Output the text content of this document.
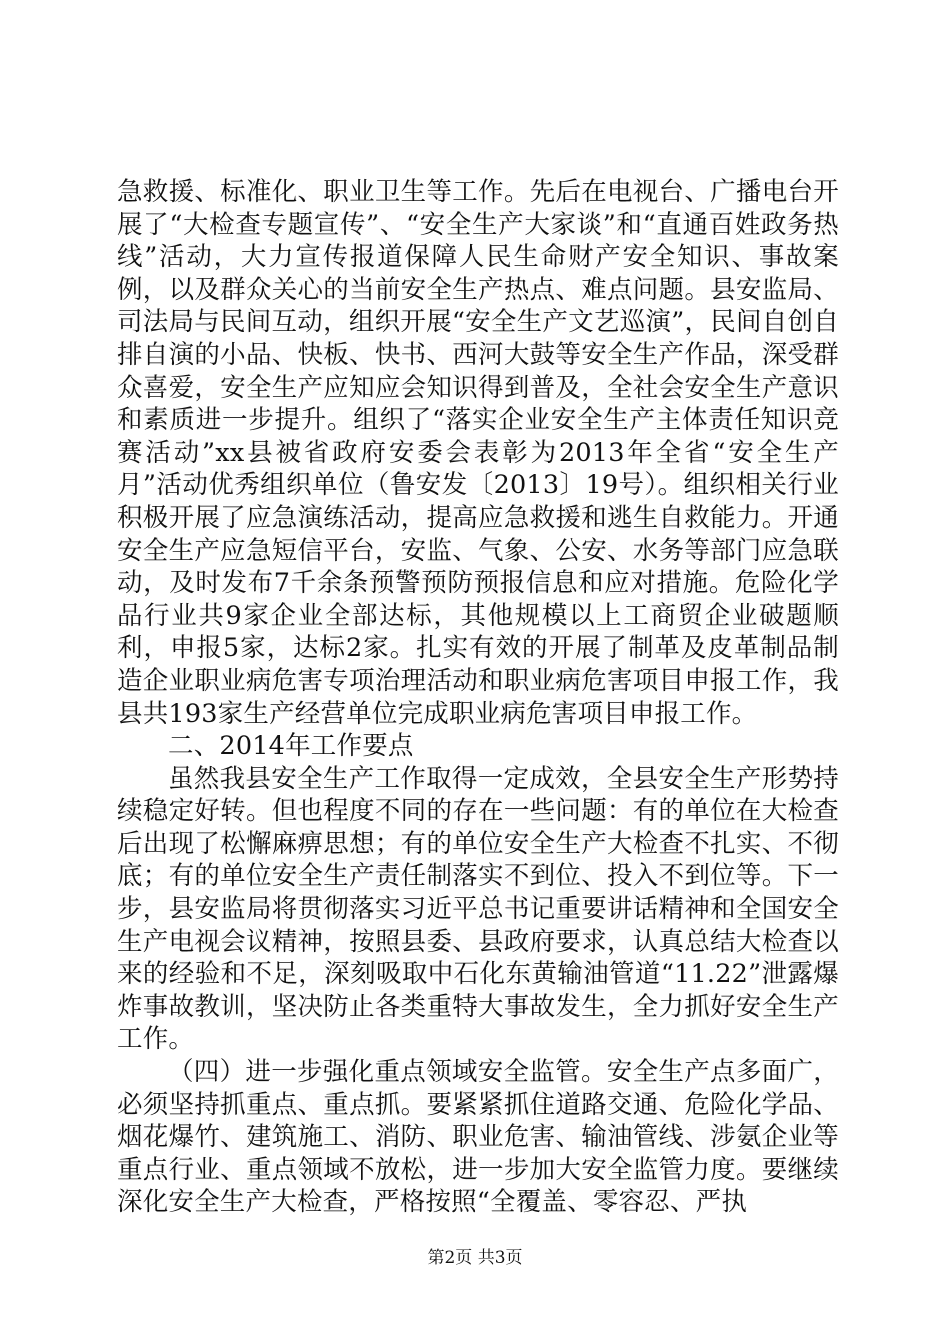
急救援、标准化、职业卫生等工作。先后在电视台、广播电台开展了“大检查专题宣传”、“安全生产大家谈”和“直通百姓政务热线”活动，大力宣传报道保障人民生命财产安全知识、事故案例，以及群众关心的当前安全生产热点、难点问题。县安监局、司法局与民间互动，组织开展“安全生产文艺巡演”，民间自创自排自演的小品、快板、快书、西河大鼓等安全生产作品，深受群众喜爱，安全生产应知应会知识得到普及，全社会安全生产意识和素质进一步提升。组织了“落实企业安全生产主体责任知识竞赛活动”xx县被省政府安委会表彰为2013年全省“安全生产月”活动优秀组织单位（鲁安发〔2013〕19号）。组织相关行业积极开展了应急演练活动，提高应急救援和逃生自救能力。开通安全生产应急短信平台，安监、气象、公安、水务等部门应急联动，及时发布7千余条预警预防预报信息和应对措施。危险化学品行业共9家企业全部达标，其他规模以上工商贸企业破题顺利，申报5家，达标2家。扎实有效的开展了制革及皮革制品制造企业职业病危害专项治理活动和职业病危害项目申报工作，我县共193家生产经营单位完成职业病危害项目申报工作。

二、2014年工作要点

虽然我县安全生产工作取得一定成效，全县安全生产形势持续稳定好转。但也程度不同的存在一些问题：有的单位在大检查后出现了松懈麻痹思想；有的单位安全生产大检查不扎实、不彻底；有的单位安全生产责任制落实不到位、投入不到位等。下一步，县安监局将贯彻落实习近平总书记重要讲话精神和全国安全生产电视会议精神，按照县委、县政府要求，认真总结大检查以来的经验和不足，深刻吸取中石化东黄输油管道“11.22”泄露爆炸事故教训，坚决防止各类重特大事故发生，全力抓好安全生产工作。

（四）进一步强化重点领域安全监管。安全生产点多面广，必须坚持抓重点、重点抓。要紧紧抓住道路交通、危险化学品、烟花爆竹、建筑施工、消防、职业危害、输油管线、涉氨企业等重点行业、重点领域不放松，进一步加大安全监管力度。要继续深化安全生产大检查，严格按照“全覆盖、零容忍、严执

第2页 共3页
